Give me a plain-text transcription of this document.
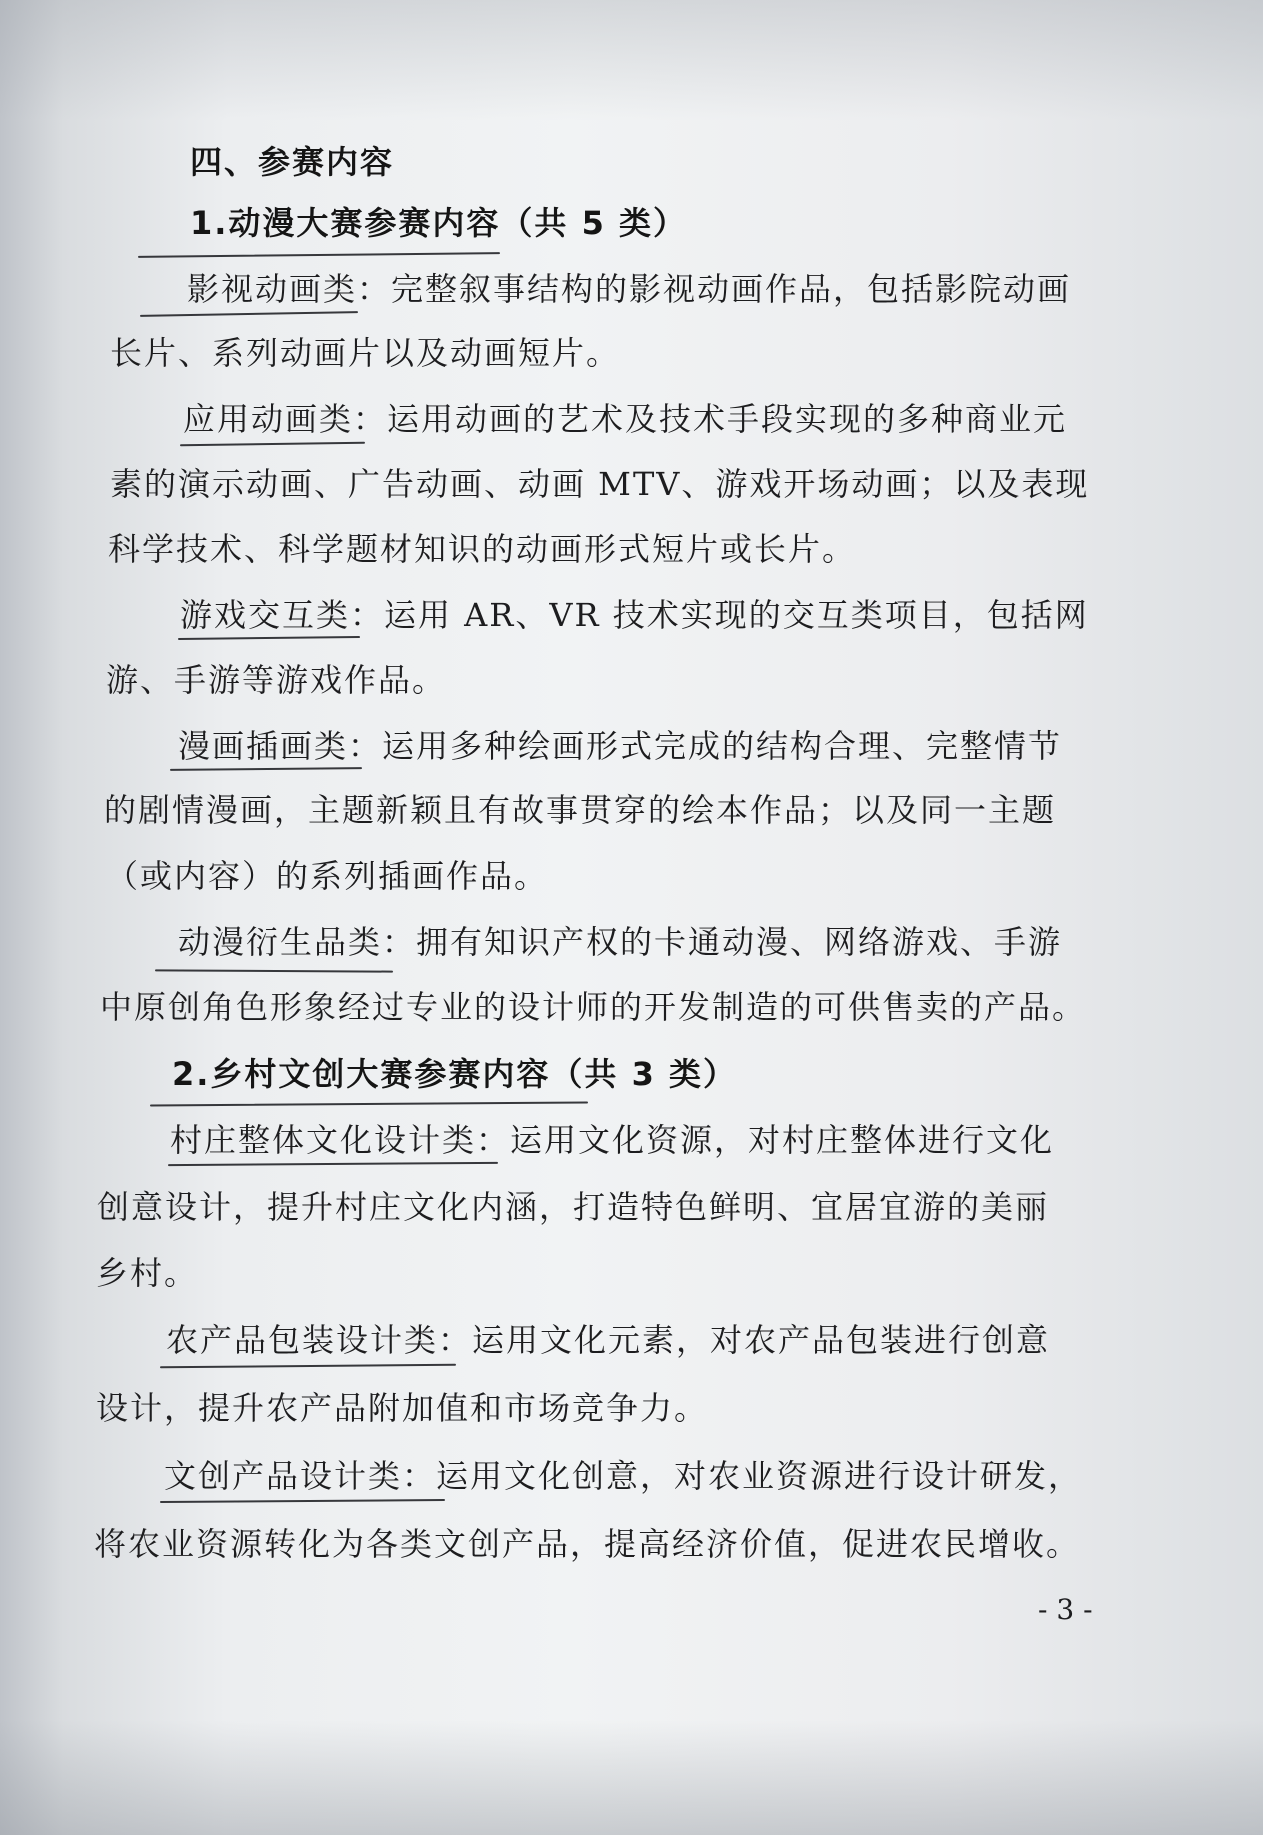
四、参赛内容
1.动漫大赛参赛内容（共 5 类）
影视动画类：完整叙事结构的影视动画作品，包括影院动画
长片、系列动画片以及动画短片。
应用动画类：运用动画的艺术及技术手段实现的多种商业元
素的演示动画、广告动画、动画 MTV、游戏开场动画；以及表现
科学技术、科学题材知识的动画形式短片或长片。
游戏交互类：运用 AR、VR 技术实现的交互类项目，包括网
游、手游等游戏作品。
漫画插画类：运用多种绘画形式完成的结构合理、完整情节
的剧情漫画，主题新颖且有故事贯穿的绘本作品；以及同一主题
（或内容）的系列插画作品。
动漫衍生品类：拥有知识产权的卡通动漫、网络游戏、手游
中原创角色形象经过专业的设计师的开发制造的可供售卖的产品。
2.乡村文创大赛参赛内容（共 3 类）
村庄整体文化设计类：运用文化资源，对村庄整体进行文化
创意设计，提升村庄文化内涵，打造特色鲜明、宜居宜游的美丽
乡村。
农产品包装设计类：运用文化元素，对农产品包装进行创意
设计，提升农产品附加值和市场竞争力。
文创产品设计类：运用文化创意，对农业资源进行设计研发，
将农业资源转化为各类文创产品，提高经济价值，促进农民增收。
- 3 -
